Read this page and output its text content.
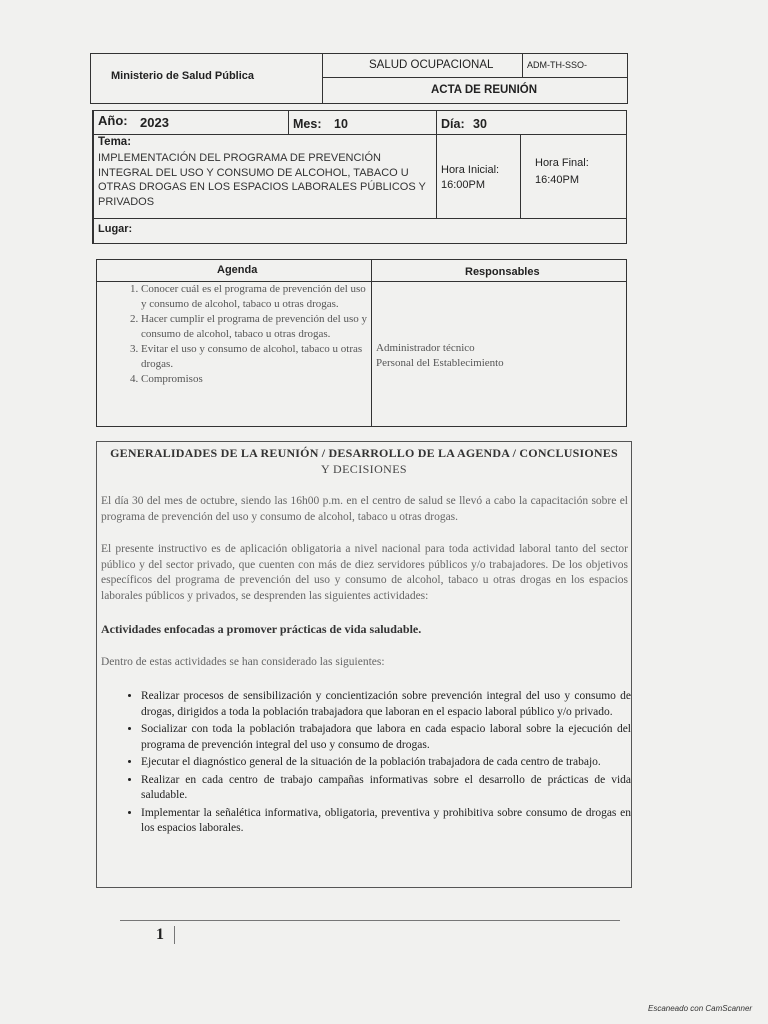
Ministerio de Salud Pública
SALUD OCUPACIONAL	ADM-TH-SSO-
ACTA DE REUNIÓN
Año: 2023	Mes: 10	Día: 30
Tema:
IMPLEMENTACIÓN DEL PROGRAMA DE PREVENCIÓN INTEGRAL DEL USO Y CONSUMO DE ALCOHOL, TABACO U OTRAS DROGAS EN LOS ESPACIOS LABORALES PÚBLICOS Y PRIVADOS
Hora Inicial:
16:00PM
Hora Final:
16:40PM
Lugar:
Agenda	Responsables
1. Conocer cuál es el programa de prevención del uso y consumo de alcohol, tabaco u otras drogas.
2. Hacer cumplir el programa de prevención del uso y consumo de alcohol, tabaco u otras drogas.
3. Evitar el uso y consumo de alcohol, tabaco u otras drogas.
4. Compromisos
Administrador técnico
Personal del Establecimiento
GENERALIDADES DE LA REUNIÓN / DESARROLLO DE LA AGENDA / CONCLUSIONES
Y DECISIONES
El día 30 del mes de octubre, siendo las 16h00 p.m. en el centro de salud se llevó a cabo la capacitación sobre el programa de prevención del uso y consumo de alcohol, tabaco u otras drogas.
El presente instructivo es de aplicación obligatoria a nivel nacional para toda actividad laboral tanto del sector público y del sector privado, que cuenten con más de diez servidores públicos y/o trabajadores. De los objetivos específicos del programa de prevención del uso y consumo de alcohol, tabaco u otras drogas en los espacios laborales públicos y privados, se desprenden las siguientes actividades:
Actividades enfocadas a promover prácticas de vida saludable.
Dentro de estas actividades se han considerado las siguientes:
• Realizar procesos de sensibilización y concientización sobre prevención integral del uso y consumo de drogas, dirigidos a toda la población trabajadora que laboran en el espacio laboral público y/o privado.
• Socializar con toda la población trabajadora que labora en cada espacio laboral sobre la ejecución del programa de prevención integral del uso y consumo de drogas.
• Ejecutar el diagnóstico general de la situación de la población trabajadora de cada centro de trabajo.
• Realizar en cada centro de trabajo campañas informativas sobre el desarrollo de prácticas de vida saludable.
• Implementar la señalética informativa, obligatoria, preventiva y prohibitiva sobre consumo de drogas en los espacios laborales.
1
Escaneado con CamScanner
